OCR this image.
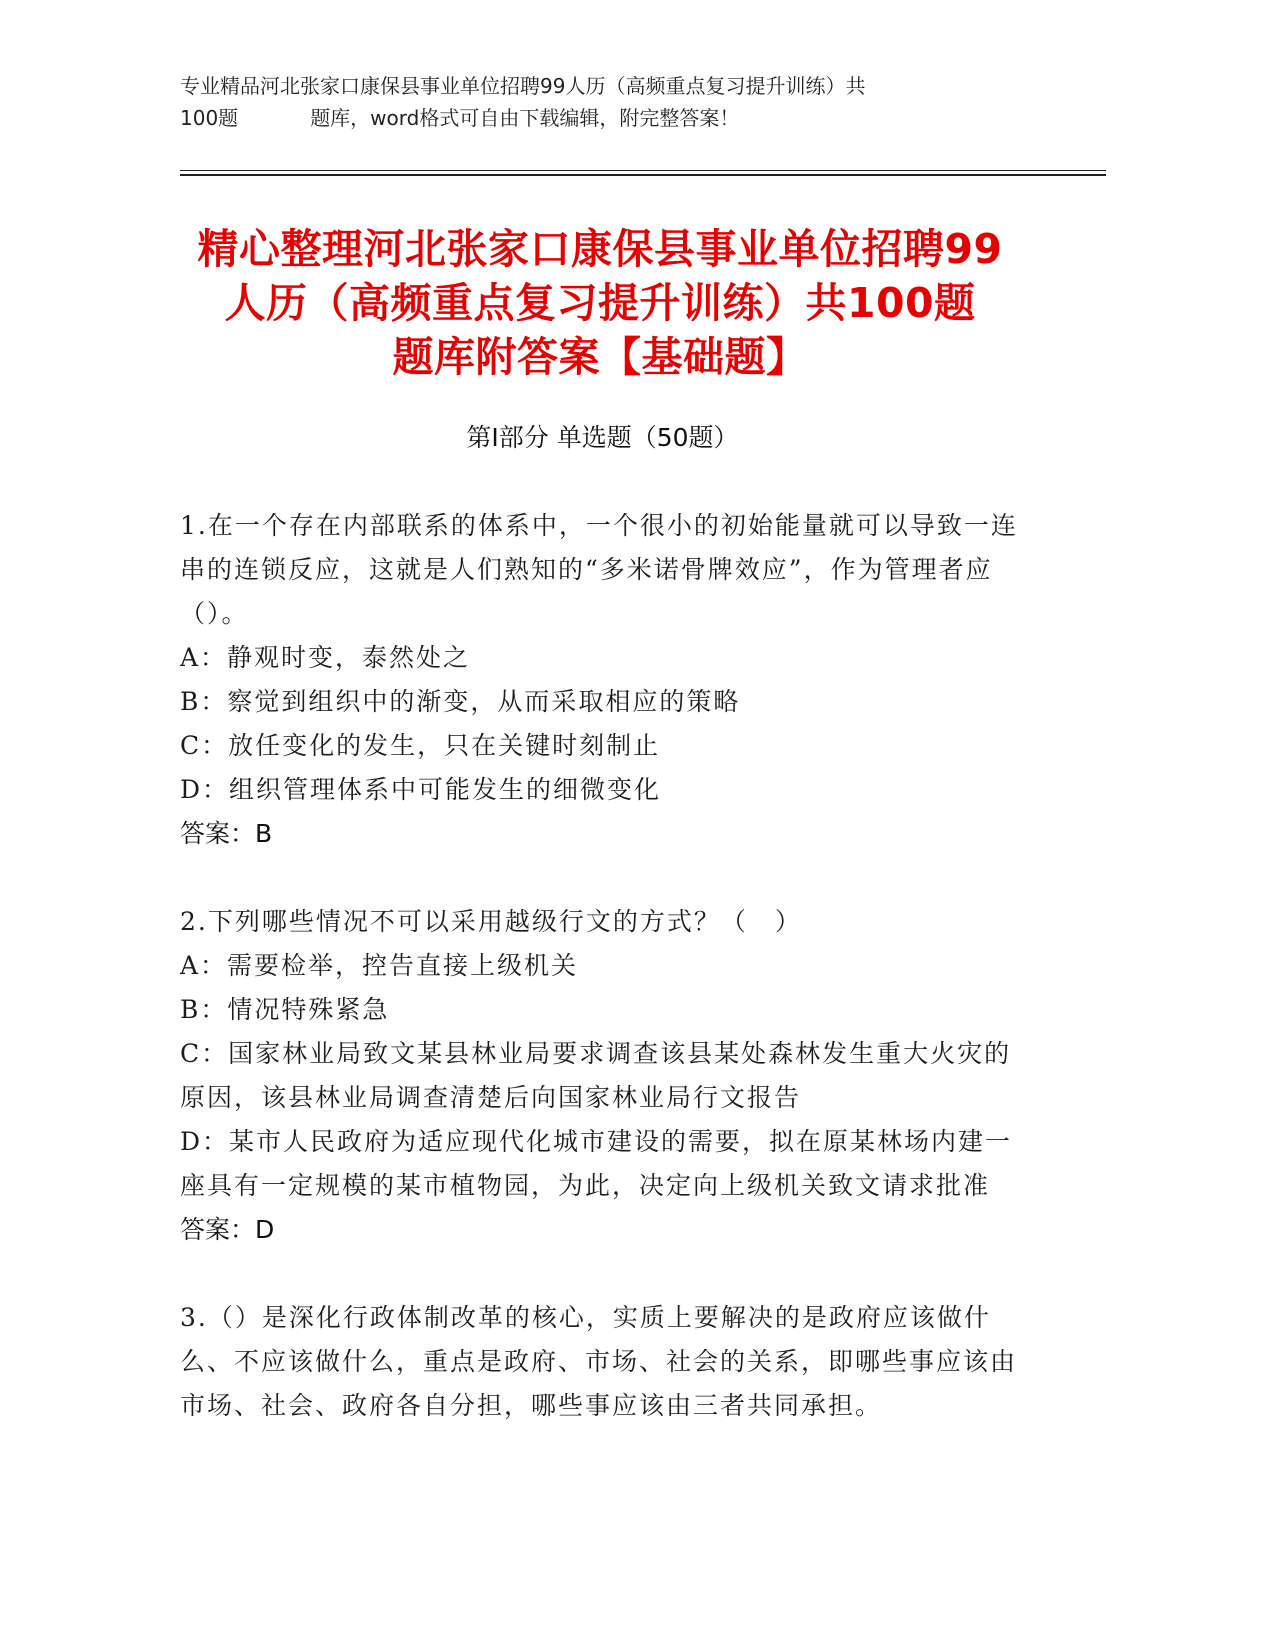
专业精品河北张家口康保县事业单位招聘99人历（高频重点复习提升训练）共
100题	题库，word格式可自由下载编辑，附完整答案！
精心整理河北张家口康保县事业单位招聘99
人历（高频重点复习提升训练）共100题
题库附答案【基础题】
第Ⅰ部分 单选题（50题）
1.在一个存在内部联系的体系中，一个很小的初始能量就可以导致一连串的连锁反应，这就是人们熟知的“多米诺骨牌效应”，作为管理者应（）。
A：静观时变，泰然处之
B：察觉到组织中的渐变，从而采取相应的策略
C：放任变化的发生，只在关键时刻制止
D：组织管理体系中可能发生的细微变化
答案：B
2.下列哪些情况不可以采用越级行文的方式？（　）
A：需要检举，控告直接上级机关
B：情况特殊紧急
C：国家林业局致文某县林业局要求调查该县某处森林发生重大火灾的原因，该县林业局调查清楚后向国家林业局行文报告
D：某市人民政府为适应现代化城市建设的需要，拟在原某林场内建一座具有一定规模的某市植物园，为此，决定向上级机关致文请求批准
答案：D
3.（）是深化行政体制改革的核心，实质上要解决的是政府应该做什么、不应该做什么，重点是政府、市场、社会的关系，即哪些事应该由市场、社会、政府各自分担，哪些事应该由三者共同承担。
